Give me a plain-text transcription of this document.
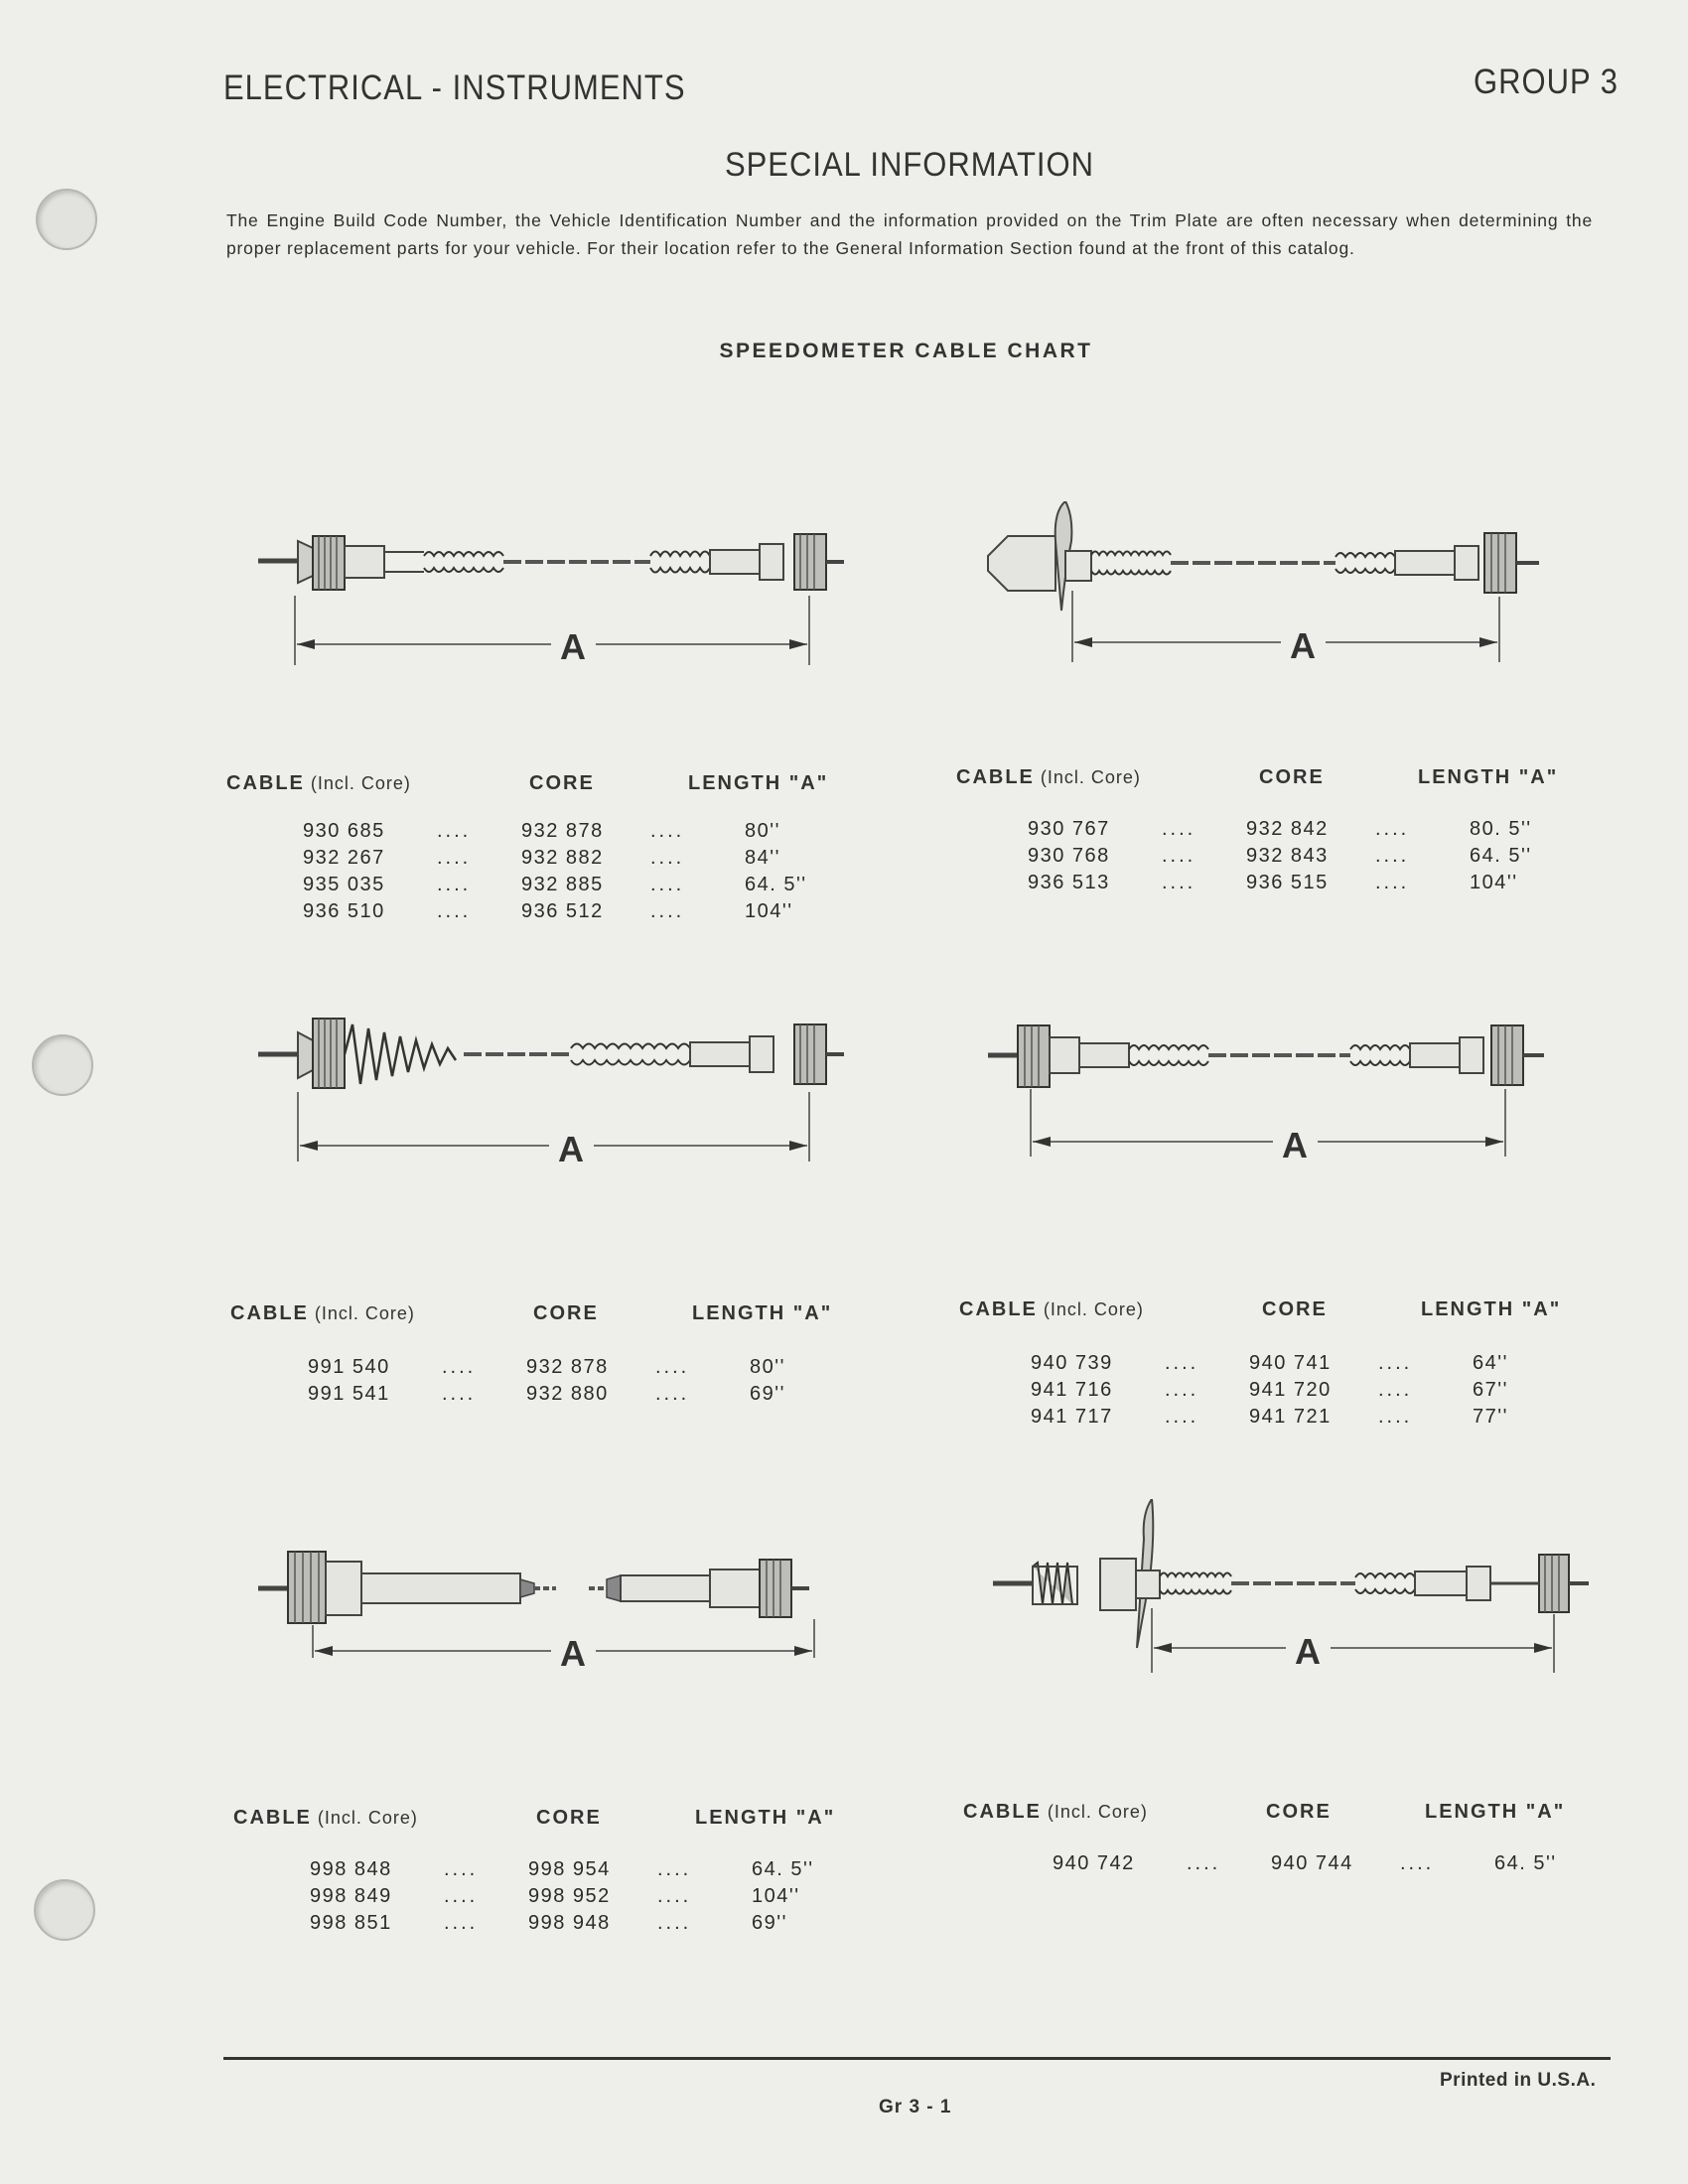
ELECTRICAL - INSTRUMENTS	GROUP 3
SPECIAL INFORMATION
The Engine Build Code Number, the Vehicle Identification Number and the information provided on the Trim Plate are often necessary when determining the proper replacement parts for your vehicle. For their location refer to the General Information Section found at the front of this catalog.
SPEEDOMETER CABLE CHART
A	A
A	A
A	A
CABLE (Incl. Core)	CORE	LENGTH "A"
930 685	....	932 878 ....	80''
932 267	....	932 882 ....	84''
935 035	....	932 885 ....	64. 5''
936 510	....	936 512 ....	104''
CABLE (Incl. Core)	CORE	LENGTH "A"
930 767	....	932 842 ....	80. 5''
930 768	....	932 843 ....	64. 5''
936 513	....	936 515 ....	104''
CABLE (Incl. Core)	CORE	LENGTH "A"
991 540	....	932 878 ....	80''
991 541	....	932 880 ....	69''
CABLE (Incl. Core)	CORE	LENGTH "A"
940 739	....	940 741 ....	64''
941 716	....	941 720 ....	67''
941 717	....	941 721 ....	77''
CABLE (Incl. Core)	CORE	LENGTH "A"
998 848	....	998 954 ....	64. 5''
998 849	....	998 952 ....	104''
998 851	....	998 948 ....	69''
CABLE (Incl. Core)	CORE	LENGTH "A"
940 742	....	940 744 ....	64. 5''
Printed in U.S.A.
Gr 3 - 1
